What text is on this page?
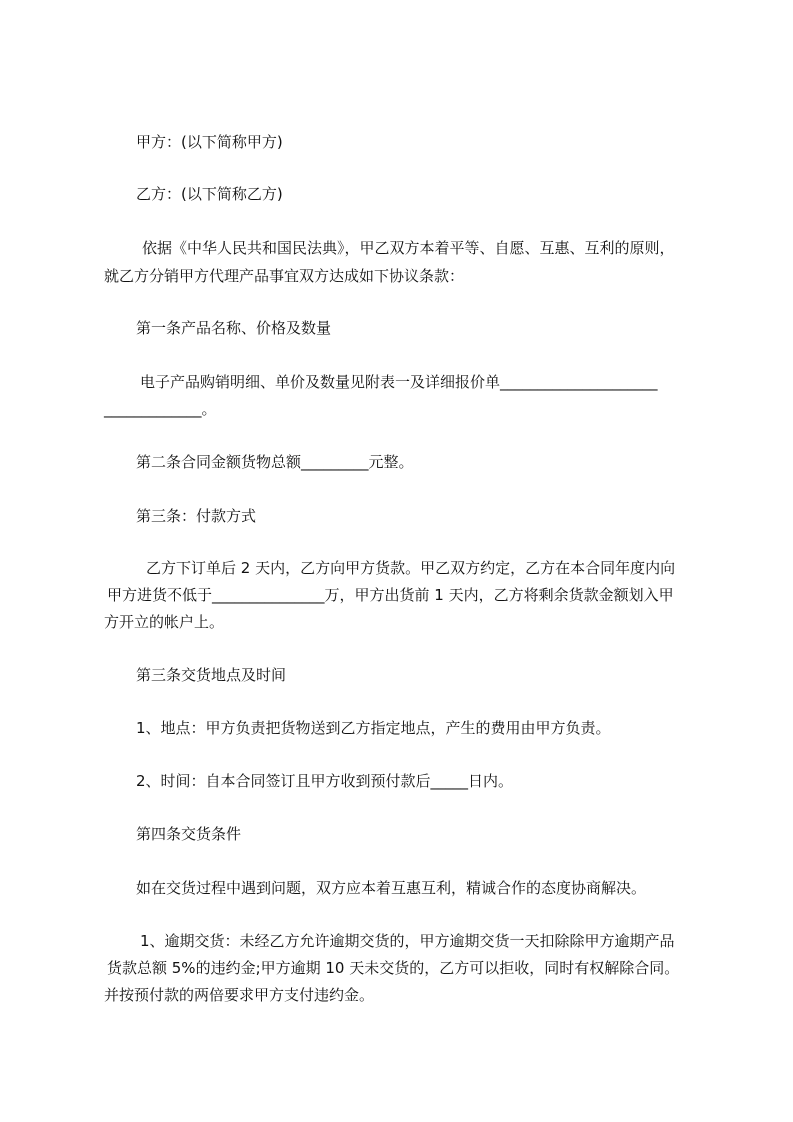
甲方：(以下简称甲方)
乙方：(以下简称乙方)
依据《中华人民共和国民法典》，甲乙双方本着平等、自愿、互惠、互利的原则，
就乙方分销甲方代理产品事宜双方达成如下协议条款：
第一条产品名称、价格及数量
电子产品购销明细、单价及数量见附表一及详细报价单_____________________
_____________。
第二条合同金额货物总额_________元整。
第三条：付款方式
乙方下订单后 2 天内，乙方向甲方货款。甲乙双方约定，乙方在本合同年度内向
甲方进货不低于_______________万，甲方出货前 1 天内，乙方将剩余货款金额划入甲
方开立的帐户上。
第三条交货地点及时间
1、地点：甲方负责把货物送到乙方指定地点，产生的费用由甲方负责。
2、时间：自本合同签订且甲方收到预付款后_____日内。
第四条交货条件
如在交货过程中遇到问题，双方应本着互惠互利，精诚合作的态度协商解决。
1、逾期交货：未经乙方允许逾期交货的，甲方逾期交货一天扣除除甲方逾期产品
货款总额 5%的违约金;甲方逾期 10 天未交货的，乙方可以拒收，同时有权解除合同。
并按预付款的两倍要求甲方支付违约金。
